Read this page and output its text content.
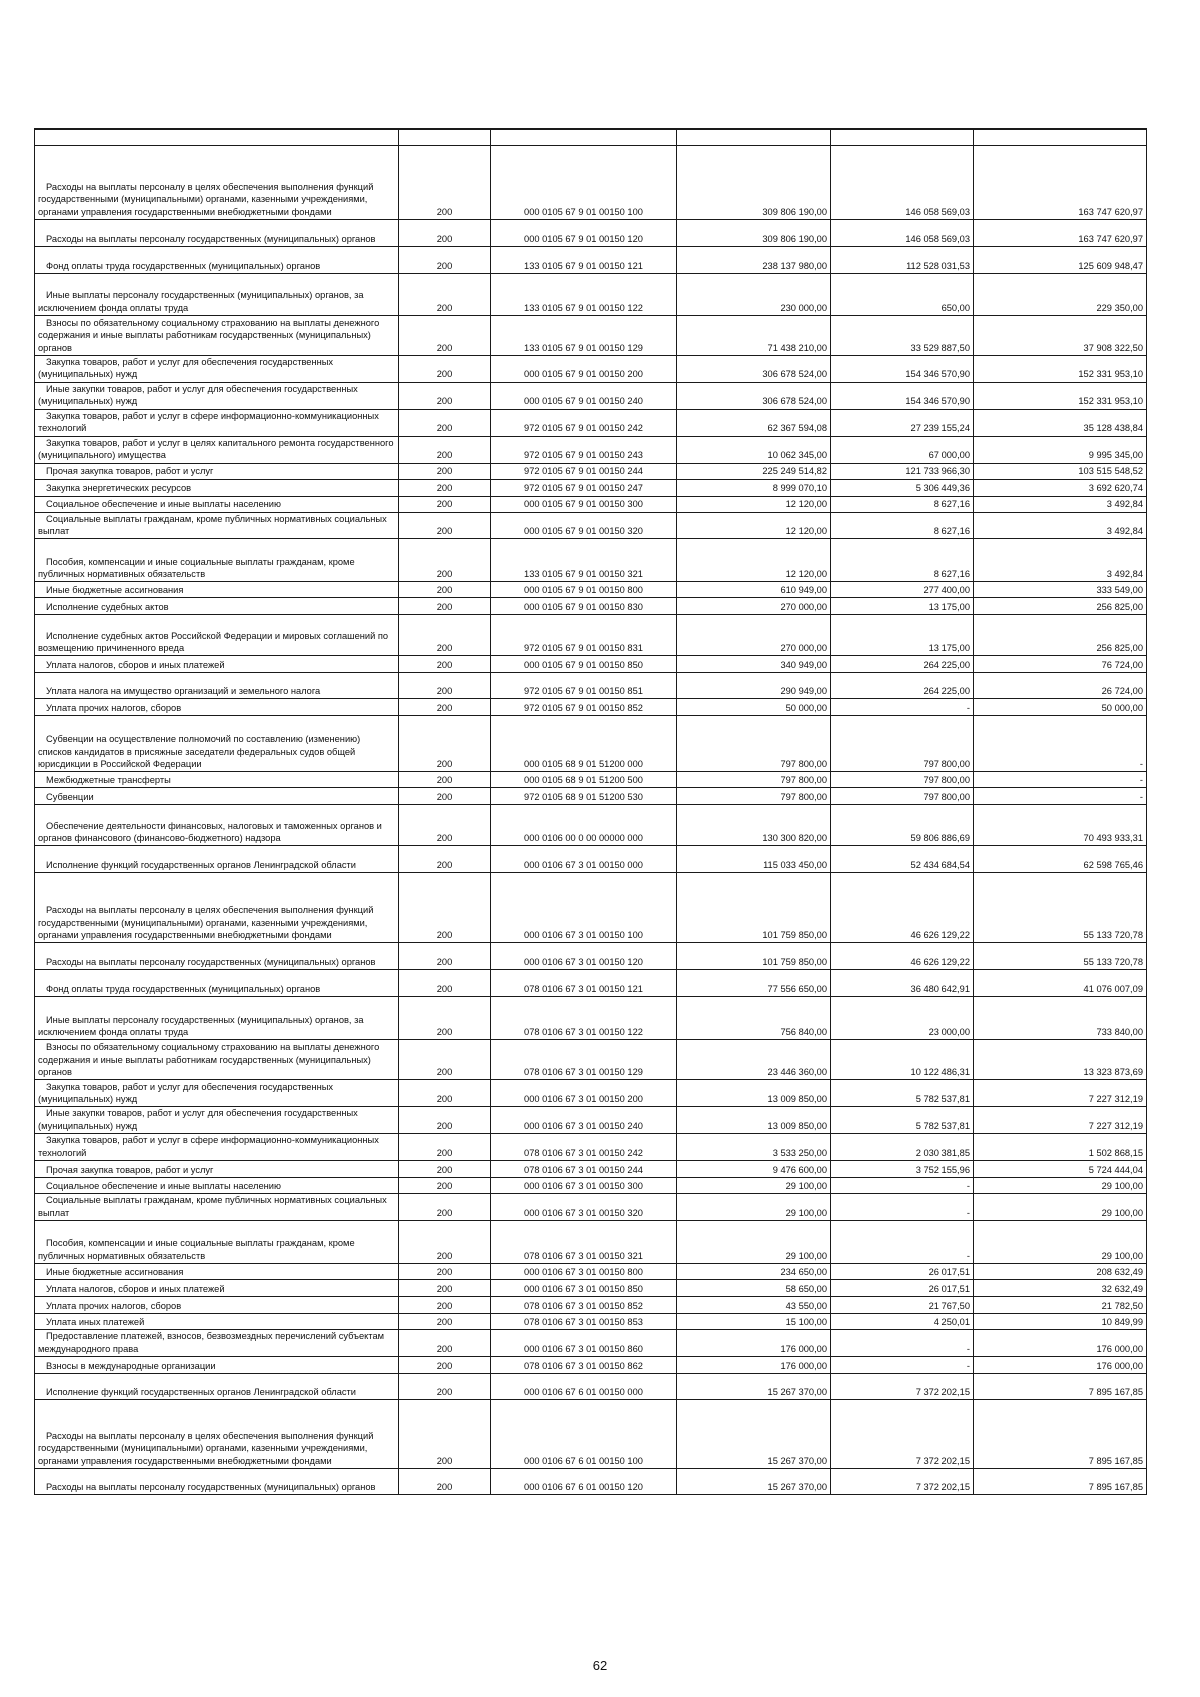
Расходы на выплаты персоналу в целях обеспечения выполнения функций государственными (муниципальными) органами, казенными учреждениями, органами управления государственными внебюджетными фондами	200	000 0105 67 9 01 00150 100	309 806 190,00	146 058 569,03	163 747 620,97

Расходы на выплаты персоналу государственных (муниципальных) органов	200	000 0105 67 9 01 00150 120	309 806 190,00	146 058 569,03	163 747 620,97

Фонд оплаты труда государственных (муниципальных) органов	200	133 0105 67 9 01 00150 121	238 137 980,00	112 528 031,53	125 609 948,47

Иные выплаты персоналу государственных (муниципальных) органов, за исключением фонда оплаты труда	200	133 0105 67 9 01 00150 122	230 000,00	650,00	229 350,00

Взносы по обязательному социальному страхованию на выплаты денежного содержания и иные выплаты работникам государственных (муниципальных) органов	200	133 0105 67 9 01 00150 129	71 438 210,00	33 529 887,50	37 908 322,50

Закупка товаров, работ и услуг для обеспечения государственных (муниципальных) нужд	200	000 0105 67 9 01 00150 200	306 678 524,00	154 346 570,90	152 331 953,10

Иные закупки товаров, работ и услуг для обеспечения государственных (муниципальных) нужд	200	000 0105 67 9 01 00150 240	306 678 524,00	154 346 570,90	152 331 953,10

Закупка товаров, работ и услуг в сфере информационно-коммуникационных технологий	200	972 0105 67 9 01 00150 242	62 367 594,08	27 239 155,24	35 128 438,84

Закупка товаров, работ и услуг в целях капитального ремонта государственного (муниципального) имущества	200	972 0105 67 9 01 00150 243	10 062 345,00	67 000,00	9 995 345,00

Прочая закупка товаров, работ и услуг	200	972 0105 67 9 01 00150 244	225 249 514,82	121 733 966,30	103 515 548,52

Закупка энергетических ресурсов	200	972 0105 67 9 01 00150 247	8 999 070,10	5 306 449,36	3 692 620,74

Социальное обеспечение и иные выплаты населению	200	000 0105 67 9 01 00150 300	12 120,00	8 627,16	3 492,84

Социальные выплаты гражданам, кроме публичных нормативных социальных выплат	200	000 0105 67 9 01 00150 320	12 120,00	8 627,16	3 492,84

Пособия, компенсации и иные социальные выплаты гражданам, кроме публичных нормативных обязательств	200	133 0105 67 9 01 00150 321	12 120,00	8 627,16	3 492,84

Иные бюджетные ассигнования	200	000 0105 67 9 01 00150 800	610 949,00	277 400,00	333 549,00

Исполнение судебных актов	200	000 0105 67 9 01 00150 830	270 000,00	13 175,00	256 825,00

Исполнение судебных актов Российской Федерации и мировых соглашений по возмещению причиненного вреда	200	972 0105 67 9 01 00150 831	270 000,00	13 175,00	256 825,00

Уплата налогов, сборов и иных платежей	200	000 0105 67 9 01 00150 850	340 949,00	264 225,00	76 724,00

Уплата налога на имущество организаций и земельного налога	200	972 0105 67 9 01 00150 851	290 949,00	264 225,00	26 724,00

Уплата прочих налогов, сборов	200	972 0105 67 9 01 00150 852	50 000,00	-	50 000,00

Субвенции на осуществление полномочий по составлению (изменению) списков кандидатов в присяжные заседатели федеральных судов общей юрисдикции в Российской Федерации	200	000 0105 68 9 01 51200 000	797 800,00	797 800,00	-

Межбюджетные трансферты	200	000 0105 68 9 01 51200 500	797 800,00	797 800,00	-

Субвенции	200	972 0105 68 9 01 51200 530	797 800,00	797 800,00	-

Обеспечение деятельности финансовых, налоговых и таможенных органов и органов финансового (финансово-бюджетного) надзора	200	000 0106 00 0 00 00000 000	130 300 820,00	59 806 886,69	70 493 933,31

Исполнение функций государственных органов Ленинградской области	200	000 0106 67 3 01 00150 000	115 033 450,00	52 434 684,54	62 598 765,46

Расходы на выплаты персоналу в целях обеспечения выполнения функций государственными (муниципальными) органами, казенными учреждениями, органами управления государственными внебюджетными фондами	200	000 0106 67 3 01 00150 100	101 759 850,00	46 626 129,22	55 133 720,78

Расходы на выплаты персоналу государственных (муниципальных) органов	200	000 0106 67 3 01 00150 120	101 759 850,00	46 626 129,22	55 133 720,78

Фонд оплаты труда государственных (муниципальных) органов	200	078 0106 67 3 01 00150 121	77 556 650,00	36 480 642,91	41 076 007,09

Иные выплаты персоналу государственных (муниципальных) органов, за исключением фонда оплаты труда	200	078 0106 67 3 01 00150 122	756 840,00	23 000,00	733 840,00

Взносы по обязательному социальному страхованию на выплаты денежного содержания и иные выплаты работникам государственных (муниципальных) органов	200	078 0106 67 3 01 00150 129	23 446 360,00	10 122 486,31	13 323 873,69

Закупка товаров, работ и услуг для обеспечения государственных (муниципальных) нужд	200	000 0106 67 3 01 00150 200	13 009 850,00	5 782 537,81	7 227 312,19

Иные закупки товаров, работ и услуг для обеспечения государственных (муниципальных) нужд	200	000 0106 67 3 01 00150 240	13 009 850,00	5 782 537,81	7 227 312,19

Закупка товаров, работ и услуг в сфере информационно-коммуникационных технологий	200	078 0106 67 3 01 00150 242	3 533 250,00	2 030 381,85	1 502 868,15

Прочая закупка товаров, работ и услуг	200	078 0106 67 3 01 00150 244	9 476 600,00	3 752 155,96	5 724 444,04

Социальное обеспечение и иные выплаты населению	200	000 0106 67 3 01 00150 300	29 100,00	-	29 100,00

Социальные выплаты гражданам, кроме публичных нормативных социальных выплат	200	000 0106 67 3 01 00150 320	29 100,00	-	29 100,00

Пособия, компенсации и иные социальные выплаты гражданам, кроме публичных нормативных обязательств	200	078 0106 67 3 01 00150 321	29 100,00	-	29 100,00

Иные бюджетные ассигнования	200	000 0106 67 3 01 00150 800	234 650,00	26 017,51	208 632,49

Уплата налогов, сборов и иных платежей	200	000 0106 67 3 01 00150 850	58 650,00	26 017,51	32 632,49

Уплата прочих налогов, сборов	200	078 0106 67 3 01 00150 852	43 550,00	21 767,50	21 782,50

Уплата иных платежей	200	078 0106 67 3 01 00150 853	15 100,00	4 250,01	10 849,99

Предоставление платежей, взносов, безвозмездных перечислений субъектам международного права	200	000 0106 67 3 01 00150 860	176 000,00	-	176 000,00

Взносы в международные организации	200	078 0106 67 3 01 00150 862	176 000,00	-	176 000,00

Исполнение функций государственных органов Ленинградской области	200	000 0106 67 6 01 00150 000	15 267 370,00	7 372 202,15	7 895 167,85

Расходы на выплаты персоналу в целях обеспечения выполнения функций государственными (муниципальными) органами, казенными учреждениями, органами управления государственными внебюджетными фондами	200	000 0106 67 6 01 00150 100	15 267 370,00	7 372 202,15	7 895 167,85

Расходы на выплаты персоналу государственных (муниципальных) органов	200	000 0106 67 6 01 00150 120	15 267 370,00	7 372 202,15	7 895 167,85
62
